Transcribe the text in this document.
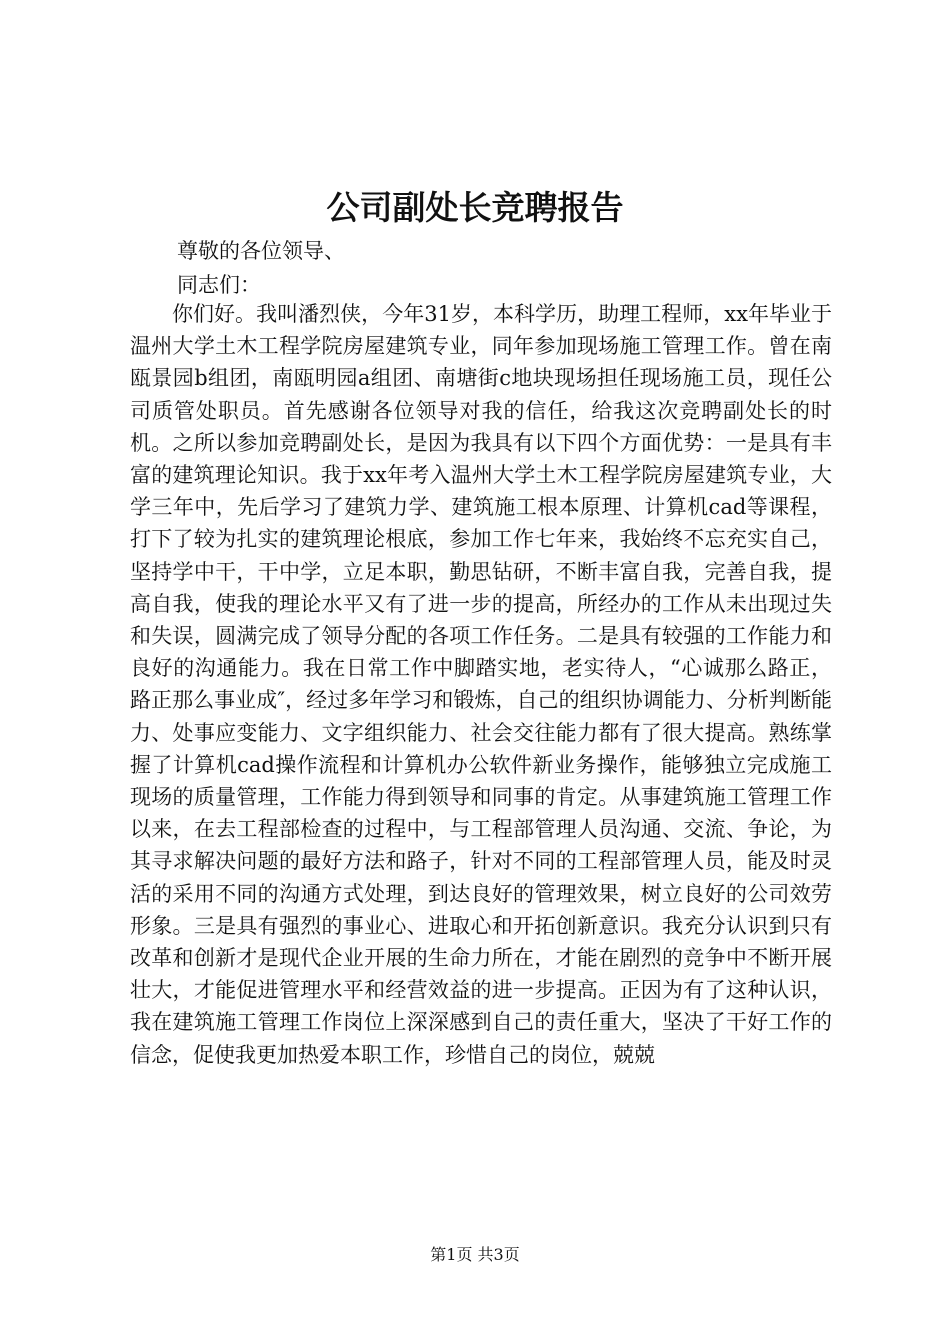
公司副处长竞聘报告
尊敬的各位领导、
同志们：

你们好。我叫潘烈侠，今年31岁，本科学历，助理工程师，xx年毕业于温州大学土木工程学院房屋建筑专业，同年参加现场施工管理工作。曾在南瓯景园b组团，南瓯明园a组团、南塘街c地块现场担任现场施工员，现任公司质管处职员。首先感谢各位领导对我的信任，给我这次竞聘副处长的时机。之所以参加竞聘副处长，是因为我具有以下四个方面优势：一是具有丰富的建筑理论知识。我于xx年考入温州大学土木工程学院房屋建筑专业，大学三年中，先后学习了建筑力学、建筑施工根本原理、计算机cad等课程，打下了较为扎实的建筑理论根底，参加工作七年来，我始终不忘充实自己，坚持学中干，干中学，立足本职，勤思钻研，不断丰富自我，完善自我，提高自我，使我的理论水平又有了进一步的提高，所经办的工作从未出现过失和失误，圆满完成了领导分配的各项工作任务。二是具有较强的工作能力和良好的沟通能力。我在日常工作中脚踏实地，老实待人，“心诚那么路正，路正那么事业成″，经过多年学习和锻炼，自己的组织协调能力、分析判断能力、处事应变能力、文字组织能力、社会交往能力都有了很大提高。熟练掌握了计算机cad操作流程和计算机办公软件新业务操作，能够独立完成施工现场的质量管理，工作能力得到领导和同事的肯定。从事建筑施工管理工作以来，在去工程部检查的过程中，与工程部管理人员沟通、交流、争论，为其寻求解决问题的最好方法和路子，针对不同的工程部管理人员，能及时灵活的采用不同的沟通方式处理，到达良好的管理效果，树立良好的公司效劳形象。三是具有强烈的事业心、进取心和开拓创新意识。我充分认识到只有改革和创新才是现代企业开展的生命力所在，才能在剧烈的竞争中不断开展壮大，才能促进管理水平和经营效益的进一步提高。正因为有了这种认识，我在建筑施工管理工作岗位上深深感到自己的责任重大，坚决了干好工作的信念，促使我更加热爱本职工作，珍惜自己的岗位，兢兢

第1页 共3页
